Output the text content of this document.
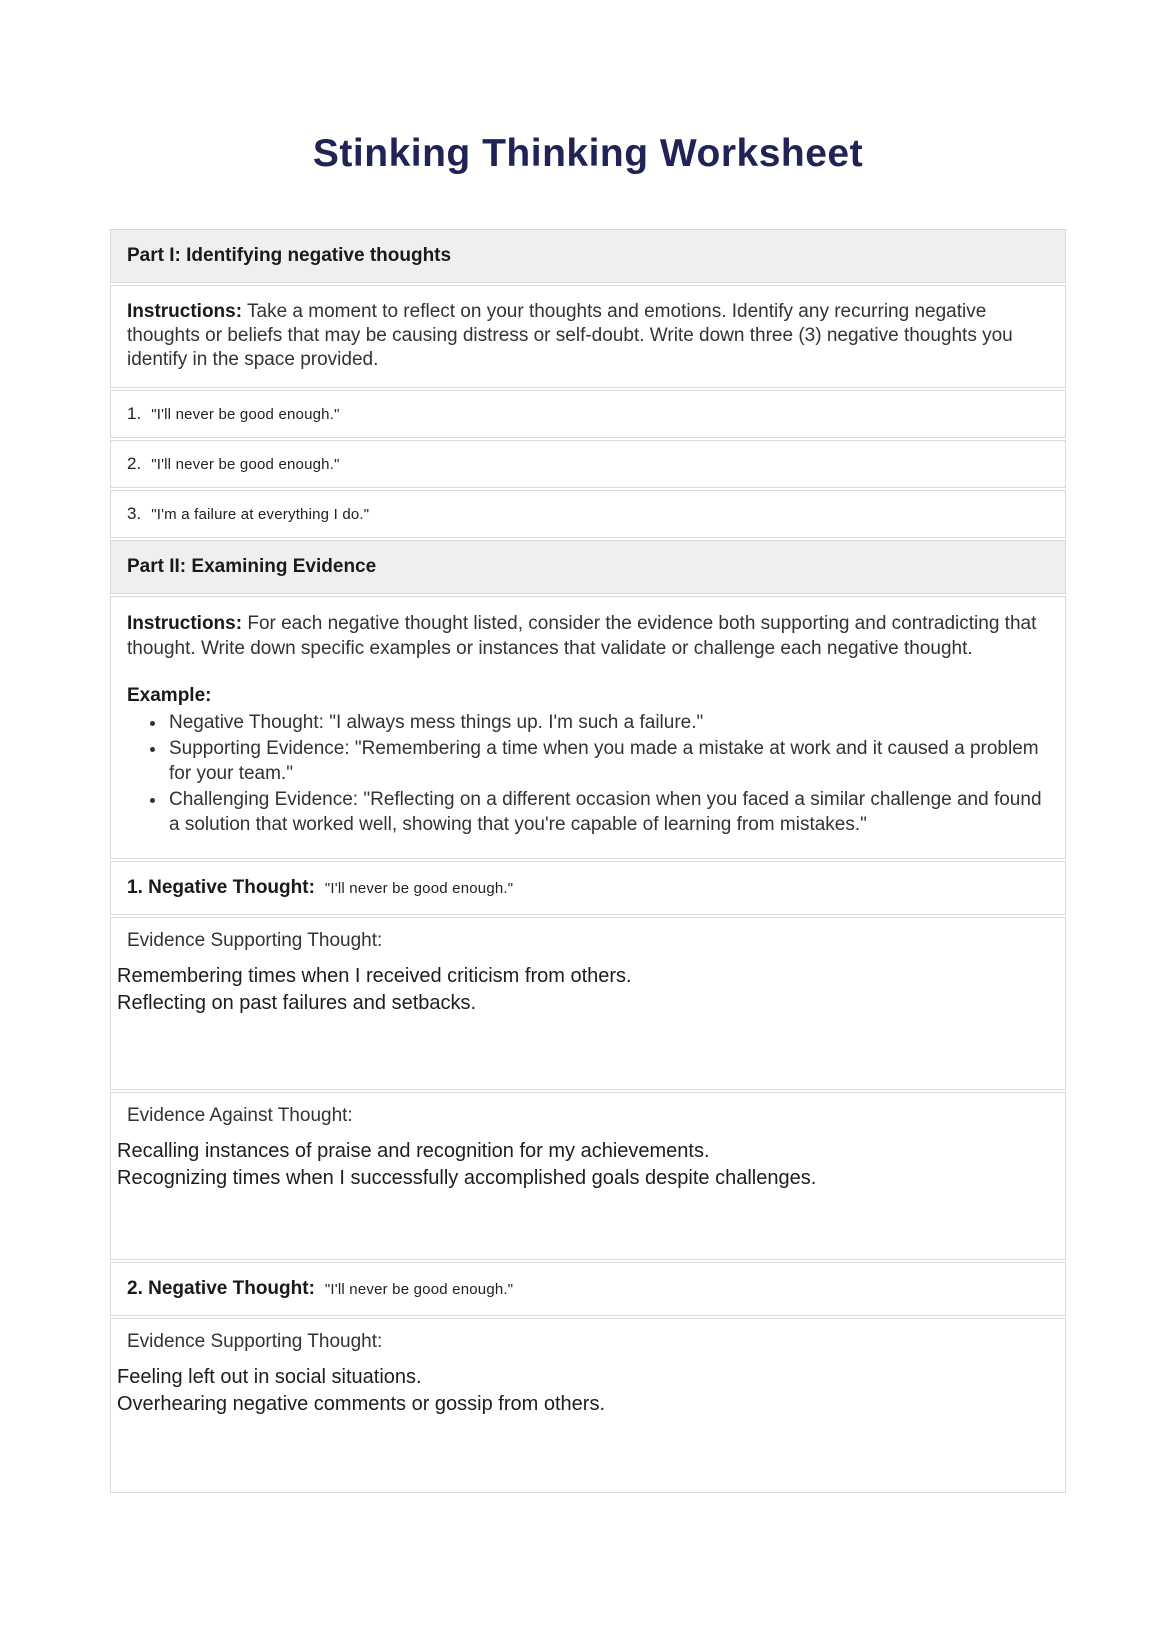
Stinking Thinking Worksheet
Part I: Identifying negative thoughts
Instructions: Take a moment to reflect on your thoughts and emotions. Identify any recurring negative thoughts or beliefs that may be causing distress or self-doubt. Write down three (3) negative thoughts you identify in the space provided.
1. "I'll never be good enough."
2. "I'll never be good enough."
3. "I'm a failure at everything I do."
Part II: Examining Evidence
Instructions: For each negative thought listed, consider the evidence both supporting and contradicting that thought. Write down specific examples or instances that validate or challenge each negative thought.
Example:
• Negative Thought: "I always mess things up. I'm such a failure."
• Supporting Evidence: "Remembering a time when you made a mistake at work and it caused a problem for your team."
• Challenging Evidence: "Reflecting on a different occasion when you faced a similar challenge and found a solution that worked well, showing that you're capable of learning from mistakes."
1. Negative Thought: "I'll never be good enough."
Evidence Supporting Thought:
Remembering times when I received criticism from others.
Reflecting on past failures and setbacks.
Evidence Against Thought:
Recalling instances of praise and recognition for my achievements.
Recognizing times when I successfully accomplished goals despite challenges.
2. Negative Thought: "I'll never be good enough."
Evidence Supporting Thought:
Feeling left out in social situations.
Overhearing negative comments or gossip from others.
